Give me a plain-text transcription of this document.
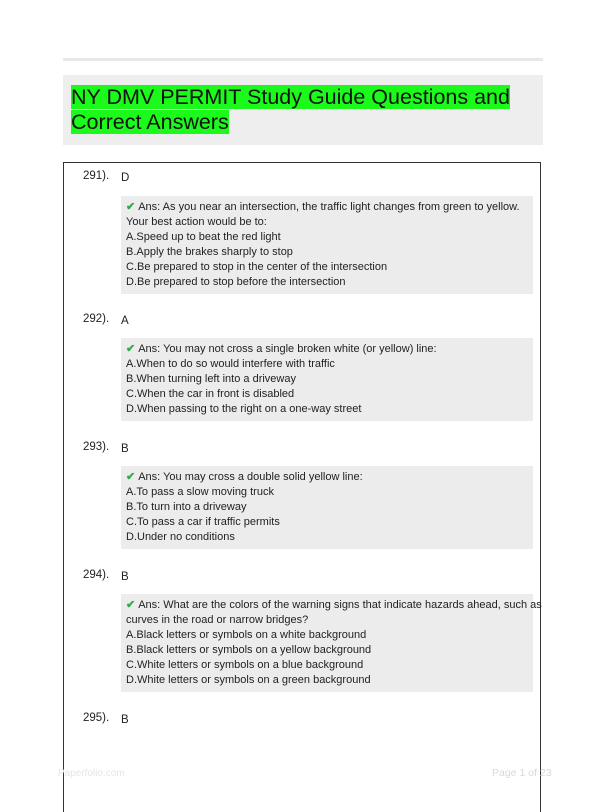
NY DMV PERMIT Study Guide Questions and
Correct Answers
291). D
✔ Ans: As you near an intersection, the traffic light changes from green to yellow.
Your best action would be to:
A.Speed up to beat the red light
B.Apply the brakes sharply to stop
C.Be prepared to stop in the center of the intersection
D.Be prepared to stop before the intersection
292). A
✔ Ans: You may not cross a single broken white (or yellow) line:
A.When to do so would interfere with traffic
B.When turning left into a driveway
C.When the car in front is disabled
D.When passing to the right on a one-way street
293). B
✔ Ans: You may cross a double solid yellow line:
A.To pass a slow moving truck
B.To turn into a driveway
C.To pass a car if traffic permits
D.Under no conditions
294). B
✔ Ans: What are the colors of the warning signs that indicate hazards ahead, such as
curves in the road or narrow bridges?
A.Black letters or symbols on a white background
B.Black letters or symbols on a yellow background
C.White letters or symbols on a blue background
D.White letters or symbols on a green background
295). B
Paperfolio.com	Page 1 of 23
